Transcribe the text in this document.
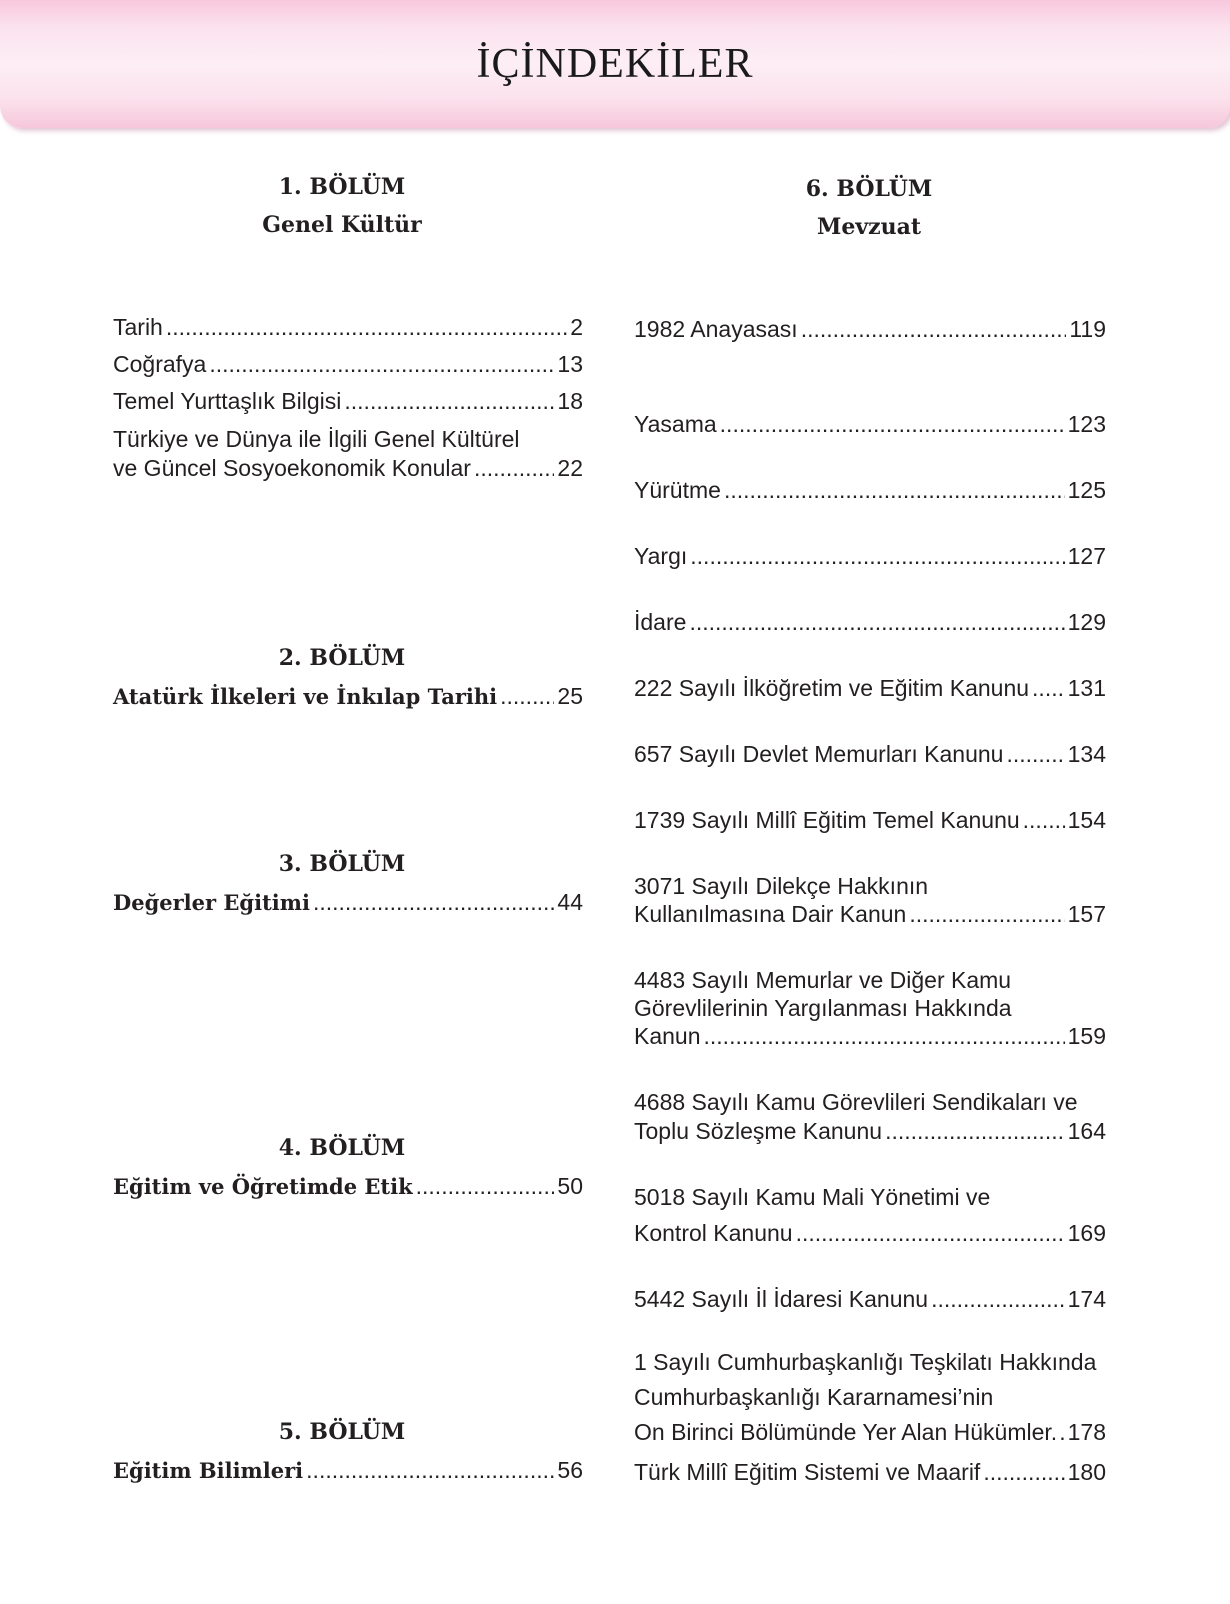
İÇİNDEKİLER
1. BÖLÜM
Genel Kültür
Tarih .....	2
Coğrafya .....	13
Temel Yurttaşlık Bilgisi .....	18
Türkiye ve Dünya ile İlgili Genel Kültürel
ve Güncel Sosyoekonomik Konular .....	22
2. BÖLÜM
Atatürk İlkeleri ve İnkılap Tarihi .....	25
3. BÖLÜM
Değerler Eğitimi .....	44
4. BÖLÜM
Eğitim ve Öğretimde Etik .....	50
5. BÖLÜM
Eğitim Bilimleri .....	56
6. BÖLÜM
Mevzuat
1982 Anayasası .....	119
Yasama .....	123
Yürütme .....	125
Yargı .....	127
İdare .....	129
222 Sayılı İlköğretim ve Eğitim Kanunu ..... 131
657 Sayılı Devlet Memurları Kanunu .....	134
1739 Sayılı Millî Eğitim Temel Kanunu ..... 154
3071 Sayılı Dilekçe Hakkının
Kullanılmasına Dair Kanun .....	157
4483 Sayılı Memurlar ve Diğer Kamu
Görevlilerinin Yargılanması Hakkında
Kanun .....	159
4688 Sayılı Kamu Görevlileri Sendikaları ve
Toplu Sözleşme Kanunu .....	164
5018 Sayılı Kamu Mali Yönetimi ve
Kontrol Kanunu .....	169
5442 Sayılı İl İdaresi Kanunu .....	174
1 Sayılı Cumhurbaşkanlığı Teşkilatı Hakkında
Cumhurbaşkanlığı Kararnamesi’nin
On Birinci Bölümünde Yer Alan Hükümler. ..... 178
Türk Millî Eğitim Sistemi ve Maarif .....	180
